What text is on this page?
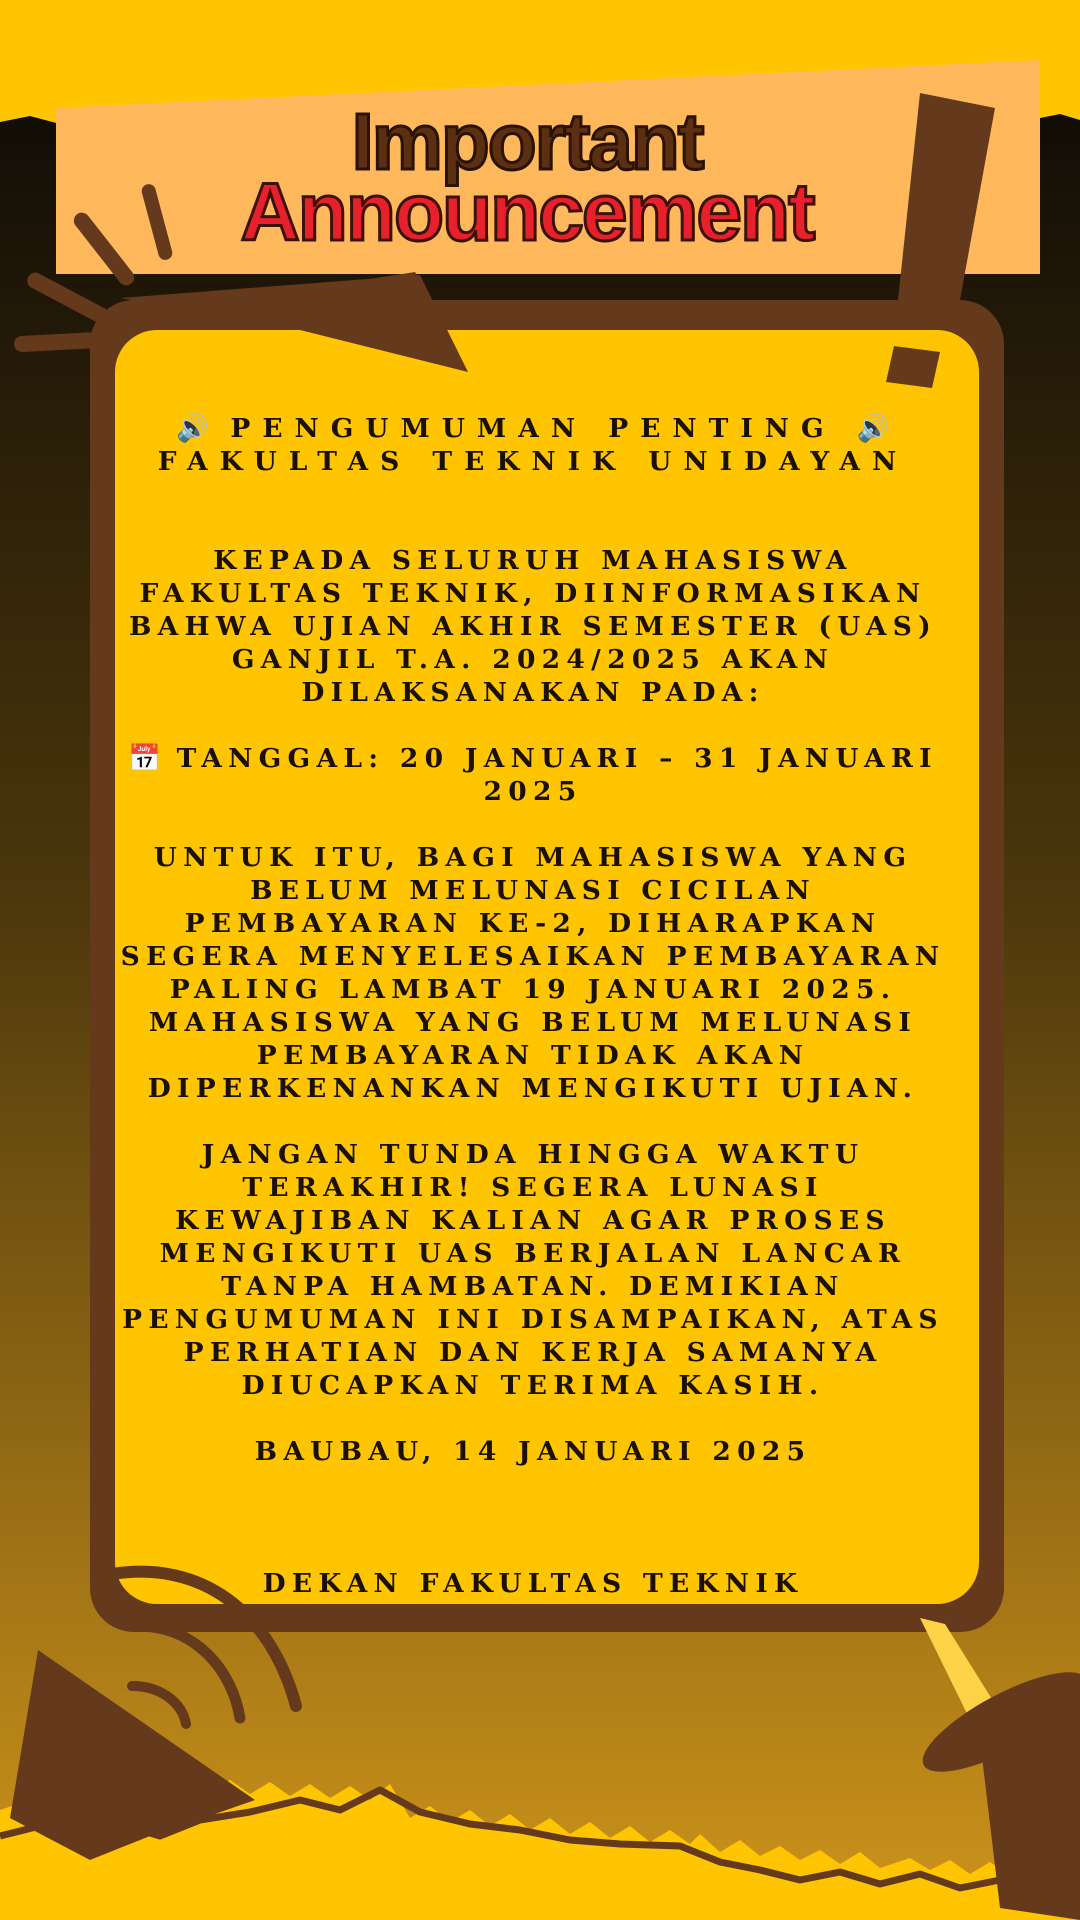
Important
Announcement

🔊 PENGUMUMAN PENTING 🔊

FAKULTAS TEKNIK UNIDAYAN

KEPADA SELURUH MAHASISWA FAKULTAS TEKNIK, DIINFORMASIKAN BAHWA UJIAN AKHIR SEMESTER (UAS) GANJIL T.A. 2024/2025 AKAN DILAKSANAKAN PADA:

📅 TANGGAL: 20 JANUARI – 31 JANUARI 2025

UNTUK ITU, BAGI MAHASISWA YANG BELUM MELUNASI CICILAN PEMBAYARAN KE-2, DIHARAPKAN SEGERA MENYELESAIKAN PEMBAYARAN PALING LAMBAT 19 JANUARI 2025. MAHASISWA YANG BELUM MELUNASI PEMBAYARAN TIDAK AKAN DIPERKENANKAN MENGIKUTI UJIAN.

JANGAN TUNDA HINGGA WAKTU TERAKHIR! SEGERA LUNASI KEWAJIBAN KALIAN AGAR PROSES MENGIKUTI UAS BERJALAN LANCAR TANPA HAMBATAN. DEMIKIAN PENGUMUMAN INI DISAMPAIKAN, ATAS PERHATIAN DAN KERJA SAMANYA DIUCAPKAN TERIMA KASIH.

BAUBAU, 14 JANUARI 2025

DEKAN FAKULTAS TEKNIK
